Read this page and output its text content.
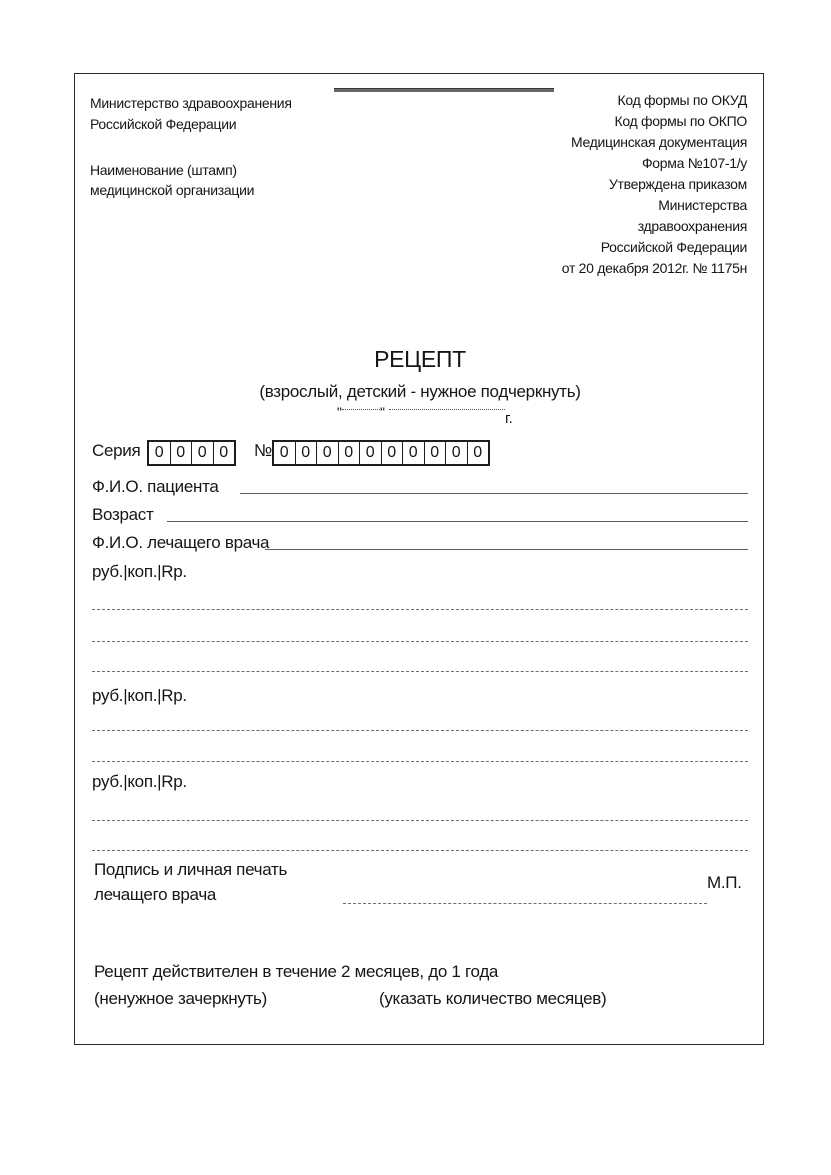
Министерство здравоохранения
Российской Федерации
Наименование (штамп)
медицинской организации
Код формы по ОКУД
Код формы по ОКПО
Медицинская документация
Форма №107-1/у
Утверждена приказом
Министерства
здравоохранения
Российской Федерации
от 20 декабря 2012г. № 1175н
РЕЦЕПТ
(взрослый, детский - нужное подчеркнуть)
"	"	г.
Серия 0 0 0 0	№ 0 0 0 0 0 0 0 0 0 0
Ф.И.О. пациента
Возраст
Ф.И.О. лечащего врача
руб.|коп.|Rp.
руб.|коп.|Rp.
руб.|коп.|Rp.
Подпись и личная печать
лечащего врача
М.П.
Рецепт действителен в течение 2 месяцев, до 1 года
(ненужное зачеркнуть)	(указать количество месяцев)
